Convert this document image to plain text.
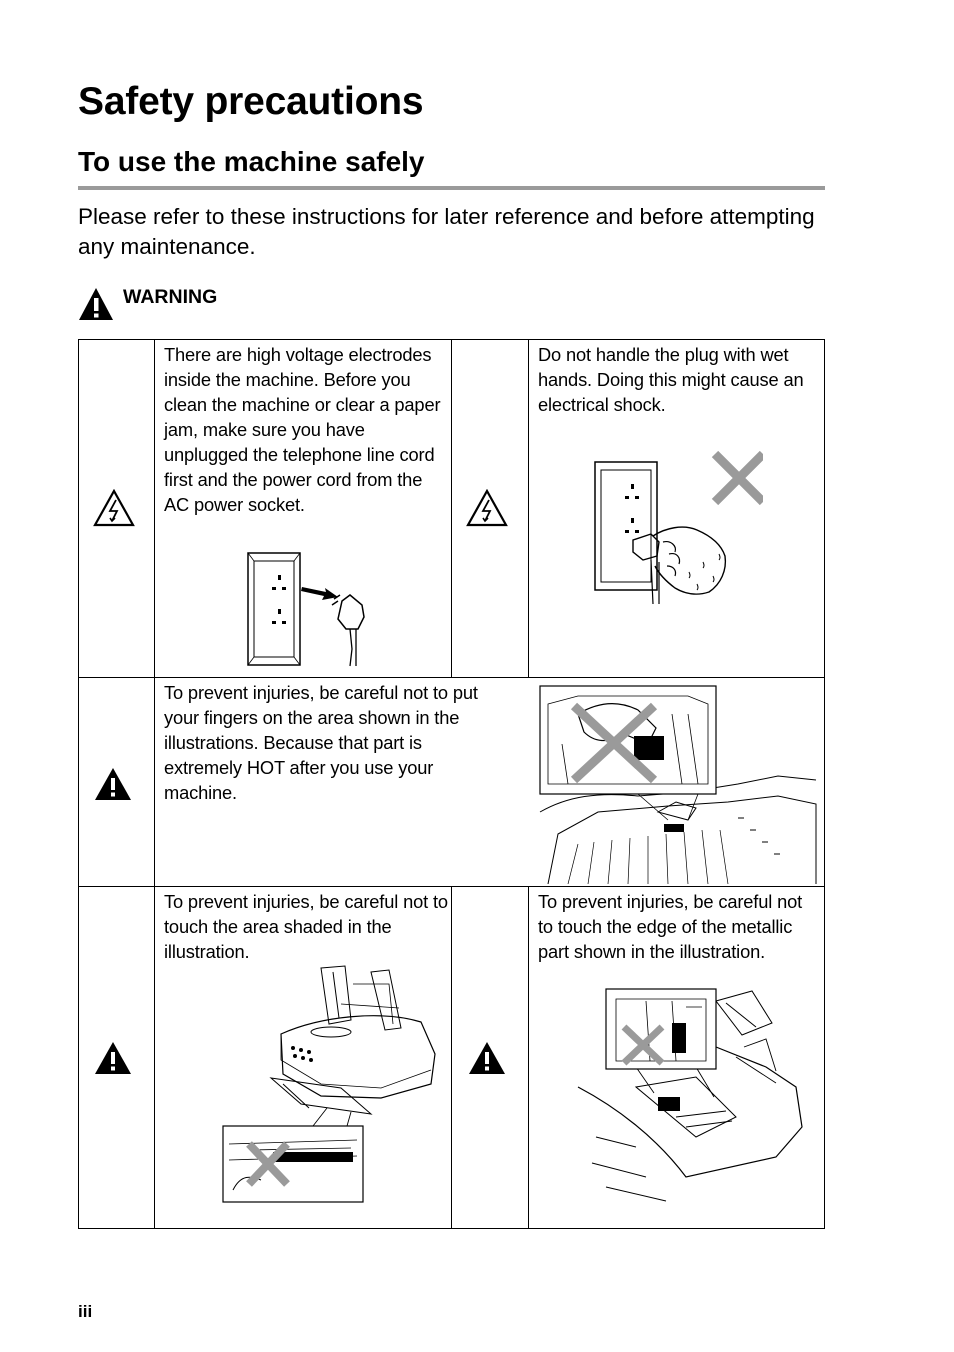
Safety precautions
To use the machine safely

Please refer to these instructions for later reference and before attempting any maintenance.

WARNING

There are high voltage electrodes inside the machine. Before you clean the machine or clear a paper jam, make sure you have unplugged the telephone line cord first and the power cord from the AC power socket.

Do not handle the plug with wet hands. Doing this might cause an electrical shock.

To prevent injuries, be careful not to put your fingers on the area shown in the illustrations. Because that part is extremely HOT after you use your machine.

To prevent injuries, be careful not to touch the area shaded in the illustration.

To prevent injuries, be careful not to touch the edge of the metallic part shown in the illustration.

iii
